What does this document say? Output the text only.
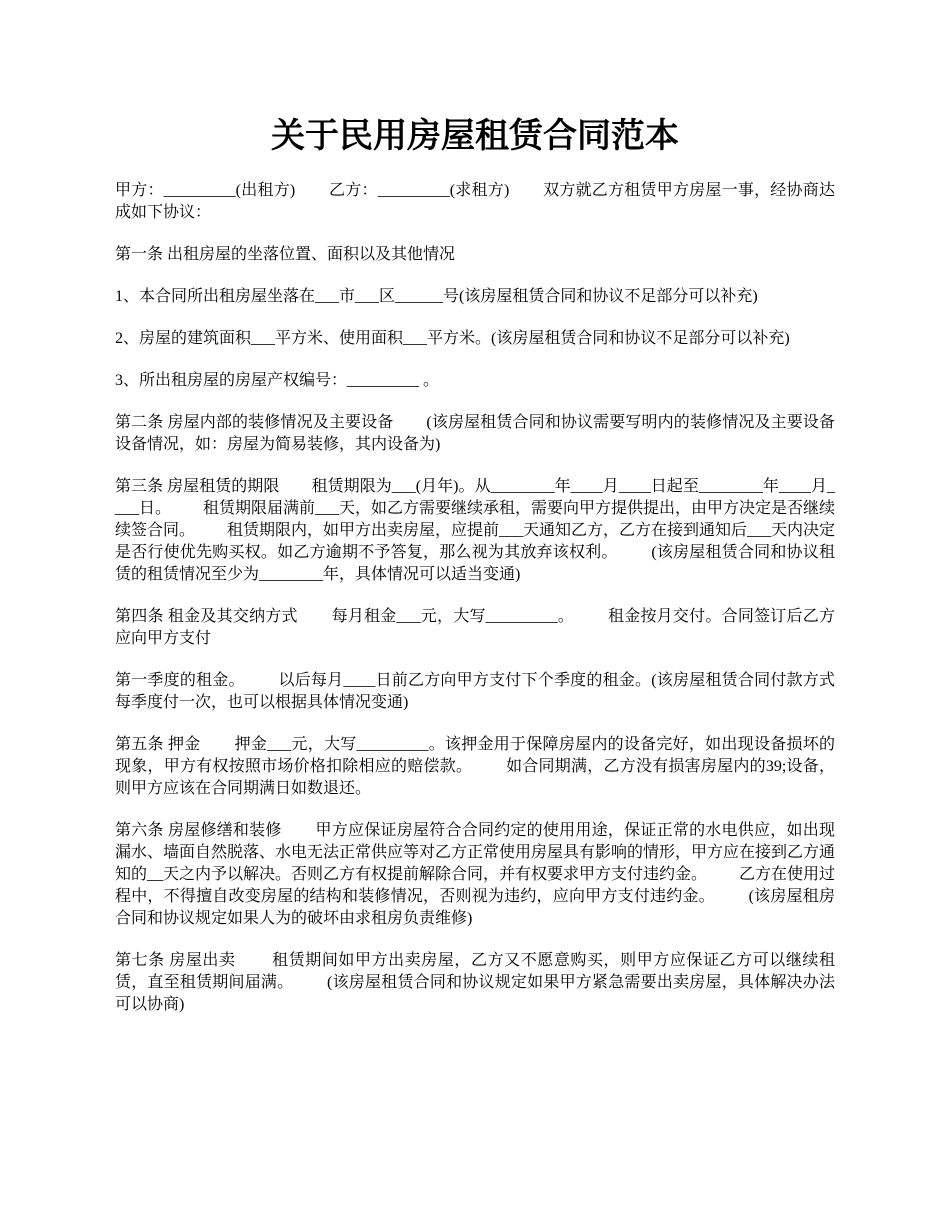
关于民用房屋租赁合同范本

甲方：_________(出租方)        乙方：_________(求租方)        双方就乙方租赁甲方房屋一事，经协商达成如下协议：

第一条 出租房屋的坐落位置、面积以及其他情况

1、本合同所出租房屋坐落在___市___区______号(该房屋租赁合同和协议不足部分可以补充)

2、房屋的建筑面积___平方米、使用面积___平方米。(该房屋租赁合同和协议不足部分可以补充)

3、所出租房屋的房屋产权编号：_________ 。

第二条 房屋内部的装修情况及主要设备        (该房屋租赁合同和协议需要写明内的装修情况及主要设备设备情况，如：房屋为简易装修，其内设备为)

第三条 房屋租赁的期限        租赁期限为___(月年)。从________年____月____日起至________年____月____日。        租赁期限届满前___天，如乙方需要继续承租，需要向甲方提供提出，由甲方决定是否继续续签合同。        租赁期限内，如甲方出卖房屋，应提前___天通知乙方，乙方在接到通知后___天内决定是否行使优先购买权。如乙方逾期不予答复，那么视为其放弃该权利。        (该房屋租赁合同和协议租赁的租赁情况至少为________年，具体情况可以适当变通)

第四条 租金及其交纳方式        每月租金___元，大写_________。        租金按月交付。合同签订后乙方应向甲方支付

第一季度的租金。        以后每月____日前乙方向甲方支付下个季度的租金。(该房屋租赁合同付款方式每季度付一次，也可以根据具体情况变通)

第五条 押金        押金___元，大写_________。该押金用于保障房屋内的设备完好，如出现设备损坏的现象，甲方有权按照市场价格扣除相应的赔偿款。        如合同期满，乙方没有损害房屋内的39;设备，则甲方应该在合同期满日如数退还。

第六条 房屋修缮和装修        甲方应保证房屋符合合同约定的使用用途，保证正常的水电供应，如出现漏水、墙面自然脱落、水电无法正常供应等对乙方正常使用房屋具有影响的情形，甲方应在接到乙方通知的__天之内予以解决。否则乙方有权提前解除合同，并有权要求甲方支付违约金。        乙方在使用过程中，不得擅自改变房屋的结构和装修情况，否则视为违约，应向甲方支付违约金。        (该房屋租房合同和协议规定如果人为的破坏由求租房负责维修)

第七条 房屋出卖        租赁期间如甲方出卖房屋，乙方又不愿意购买，则甲方应保证乙方可以继续租赁，直至租赁期间届满。        (该房屋租赁合同和协议规定如果甲方紧急需要出卖房屋，具体解决办法可以协商)
